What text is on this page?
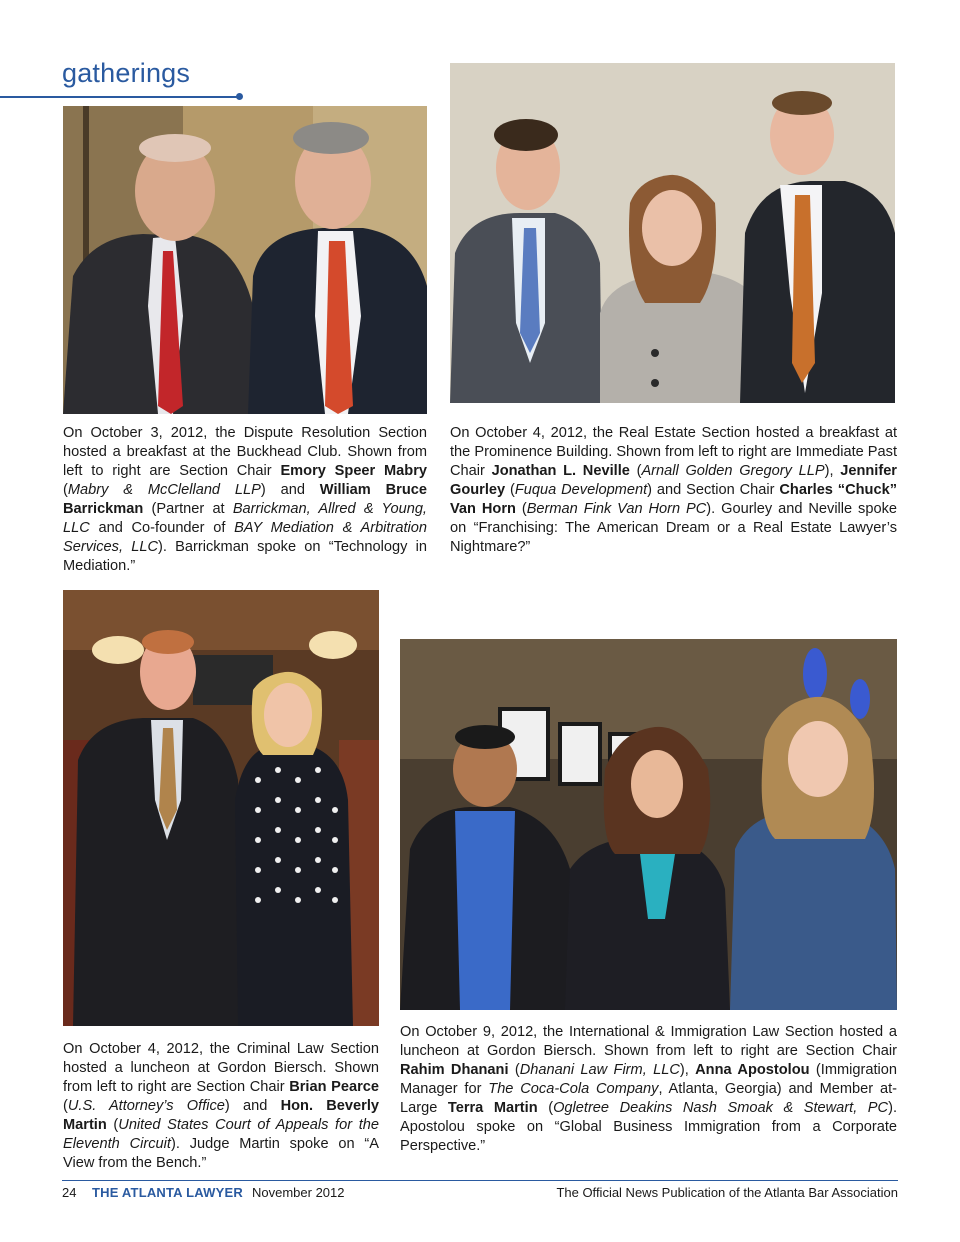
gatherings
On October 3, 2012, the Dispute Resolution Section hosted a breakfast at the Buckhead Club. Shown from left to right are Section Chair Emory Speer Mabry (Mabry & McClelland LLP) and William Bruce Barrickman (Partner at Barrickman, Allred & Young, LLC and Co-founder of BAY Mediation & Arbitration Services, LLC). Barrickman spoke on “Technology in Mediation.”
On October 4, 2012, the Real Estate Section hosted a breakfast at the Prominence Building. Shown from left to right are Immediate Past Chair Jonathan L. Neville (Arnall Golden Gregory LLP), Jennifer Gourley (Fuqua Development) and Section Chair Charles “Chuck” Van Horn (Berman Fink Van Horn PC). Gourley and Neville spoke on “Franchising: The American Dream or a Real Estate Lawyer’s Nightmare?”
On October 4, 2012, the Criminal Law Section hosted a luncheon at Gordon Biersch. Shown from left to right are Section Chair Brian Pearce (U.S. Attorney’s Office) and Hon. Beverly Martin (United States Court of Appeals for the Eleventh Circuit). Judge Martin spoke on “A View from the Bench.”
On October 9, 2012, the International & Immigration Law Section hosted a luncheon at Gordon Biersch. Shown from left to right are Section Chair Rahim Dhanani (Dhanani Law Firm, LLC), Anna Apostolou (Immigration Manager for The Coca-Cola Company, Atlanta, Georgia) and Member at-Large Terra Martin (Ogletree Deakins Nash Smoak & Stewart, PC). Apostolou spoke on “Global Business Immigration from a Corporate Perspective.”
24 THE ATLANTA LAWYER November 2012	The Official News Publication of the Atlanta Bar Association
